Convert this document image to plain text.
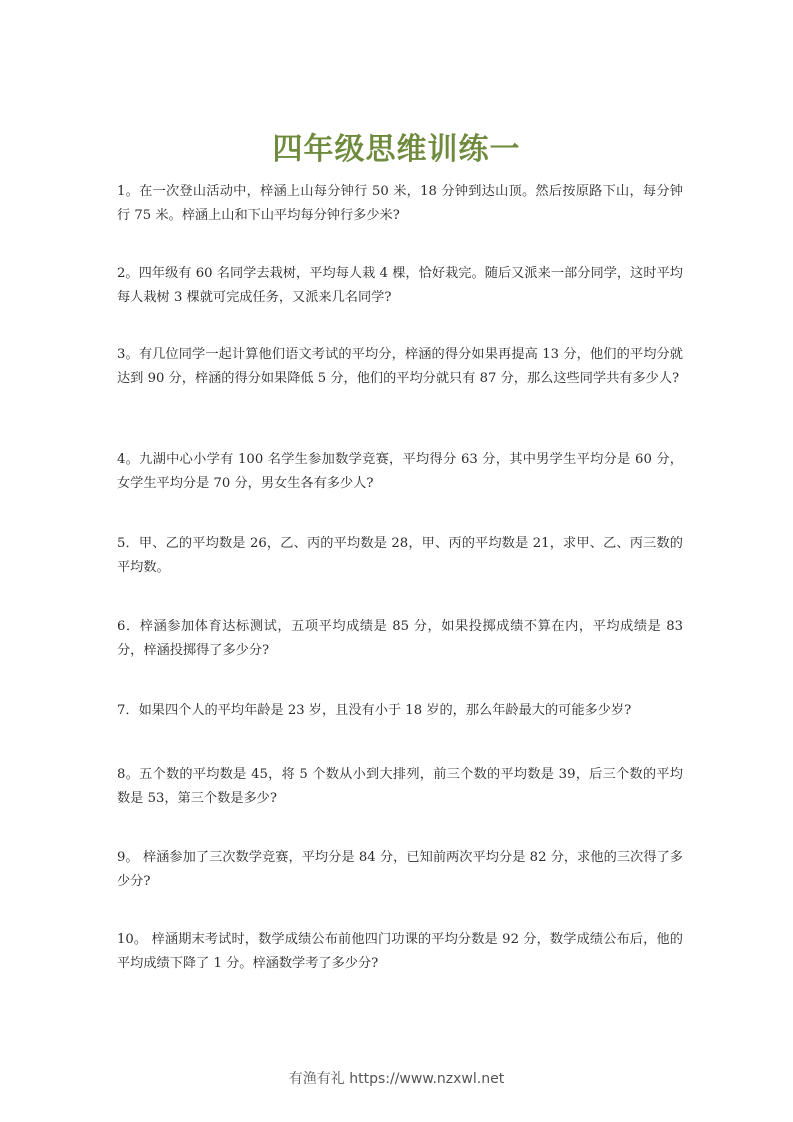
四年级思维训练一
1。在一次登山活动中，梓涵上山每分钟行 50 米，18 分钟到达山顶。然后按原路下山，每分钟行 75 米。梓涵上山和下山平均每分钟行多少米?
2。四年级有 60 名同学去栽树，平均每人栽 4 棵，恰好栽完。随后又派来一部分同学，这时平均每人栽树 3 棵就可完成任务，又派来几名同学?
3。有几位同学一起计算他们语文考试的平均分，梓涵的得分如果再提高 13 分，他们的平均分就达到 90 分，梓涵的得分如果降低 5 分，他们的平均分就只有 87 分，那么这些同学共有多少人?
4。九湖中心小学有 100 名学生参加数学竞赛，平均得分 63 分，其中男学生平均分是 60 分，女学生平均分是 70 分，男女生各有多少人?
5．甲、乙的平均数是 26，乙、丙的平均数是 28，甲、丙的平均数是 21，求甲、乙、丙三数的平均数。
6．梓涵参加体育达标测试，五项平均成绩是 85 分，如果投掷成绩不算在内，平均成绩是 83 分，梓涵投掷得了多少分?
7．如果四个人的平均年龄是 23 岁，且没有小于 18 岁的，那么年龄最大的可能多少岁?
8。五个数的平均数是 45，将 5 个数从小到大排列，前三个数的平均数是 39，后三个数的平均数是 53，第三个数是多少?
9。 梓涵参加了三次数学竞赛，平均分是 84 分，已知前两次平均分是 82 分，求他的三次得了多少分?
10。 梓涵期末考试时，数学成绩公布前他四门功课的平均分数是 92 分，数学成绩公布后，他的平均成绩下降了 1 分。梓涵数学考了多少分?
有渔有礼 https://www.nzxwl.net
